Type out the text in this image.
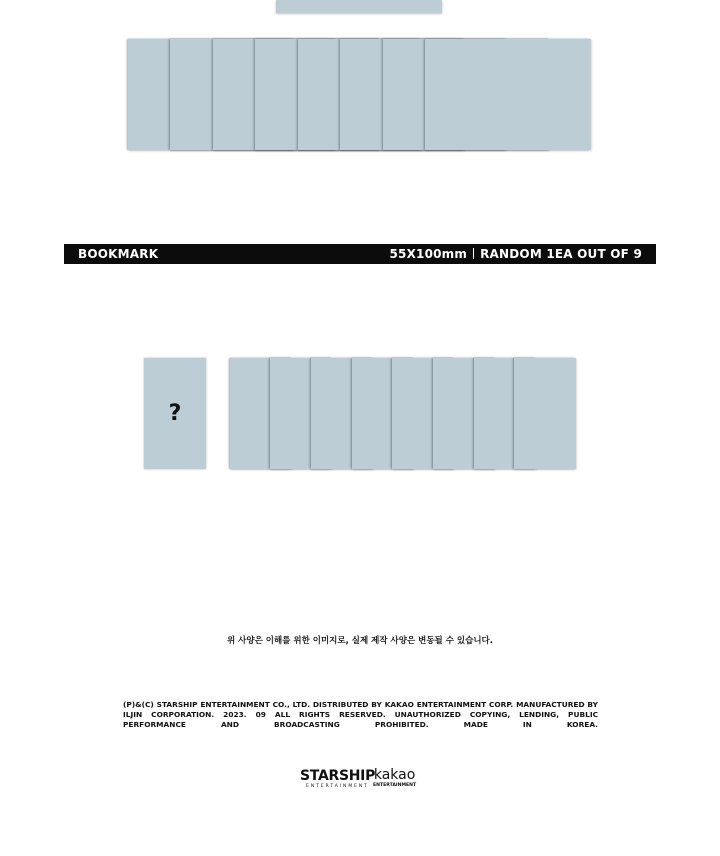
BOOKMARK	55X100mm RANDOM 1EA OUT OF 9
?
위 사양은 이해를 위한 이미지로, 실제 제작 사양은 변동될 수 있습니다.
(P)&(C) STARSHIP ENTERTAINMENT CO., LTD. DISTRIBUTED BY KAKAO ENTERTAINMENT CORP. MANUFACTURED BY ILJIN CORPORATION. 2023. 09 ALL RIGHTS RESERVED. UNAUTHORIZED COPYING, LENDING, PUBLIC PERFORMANCE AND BROADCASTING PROHIBITED. MADE IN KOREA.
STARSHIP
ENTERTAINMENT
kakao
ENTERTAINMENT
